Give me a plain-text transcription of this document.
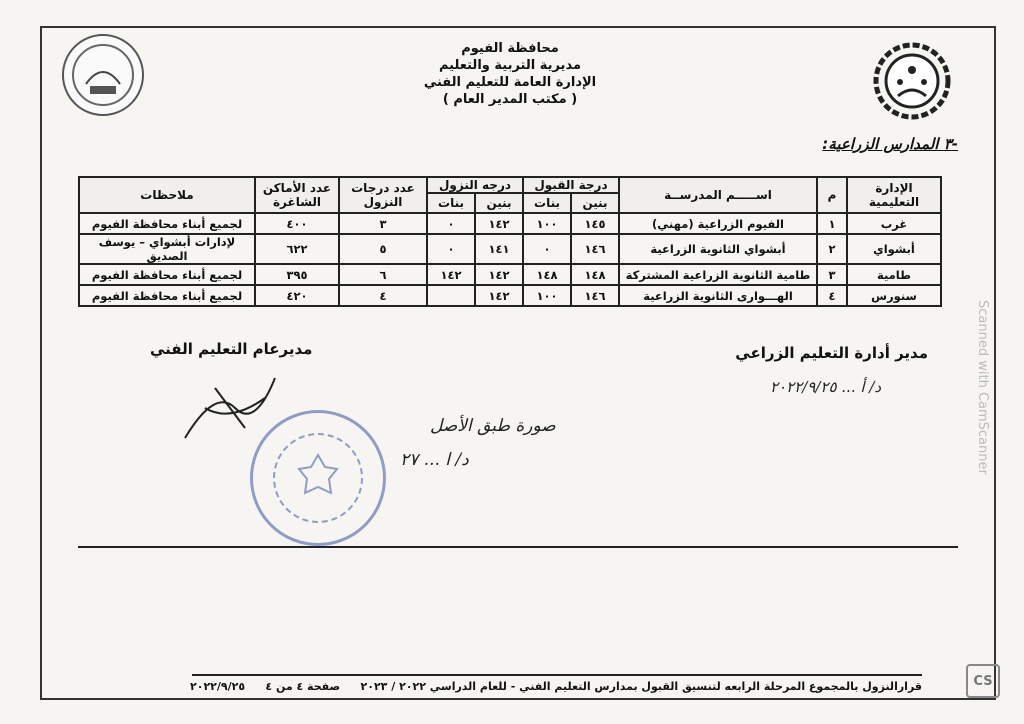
محافظة الفيوم
مديرية التربية والتعليم
الإدارة العامة للتعليم الفني
( مكتب المدير العام )
-٣ المدارس الزراعية:
الإدارة التعليمية	م	اســـــم المدرســة	درجة القبول		درجه النزول		عدد درجات النزول	عدد الأماكن الشاغرة	ملاحظات
			بنين	بنات	بنين	بنات			
غرب	١	الفيوم الزراعية (مهني)	١٤٥	١٠٠	١٤٢	٠	٣	٤٠٠	لجميع أبناء محافظة الفيوم
أبشواي	٢	أبشواي الثانوية الزراعية	١٤٦	٠	١٤١	٠	٥	٦٢٢	لإدارات أبشواي – يوسف الصديق
طامية	٣	طامية الثانوية الزراعية المشتركة	١٤٨	١٤٨	١٤٢	١٤٢	٦	٣٩٥	لجميع أبناء محافظة الفيوم
سنورس	٤	الهـــوارى الثانوية الزراعية	١٤٦	١٠٠	١٤٢		٤	٤٢٠	لجميع أبناء محافظة الفيوم
مدير أدارة التعليم الزراعي
مديرعام التعليم الفني
د/ أ ... ٢٠٢٢/٩/٢٥
صورة طبق الأصل
د/ ا ... ٢٧
قرارالنزول بالمجموع المرحلة الرابعه لتنسيق القبول بمدارس التعليم الفني - للعام الدراسي ٢٠٢٢ / ٢٠٢٣
صفحة ٤ من ٤
٢٠٢٢/٩/٢٥
Scanned with CamScanner
CS
